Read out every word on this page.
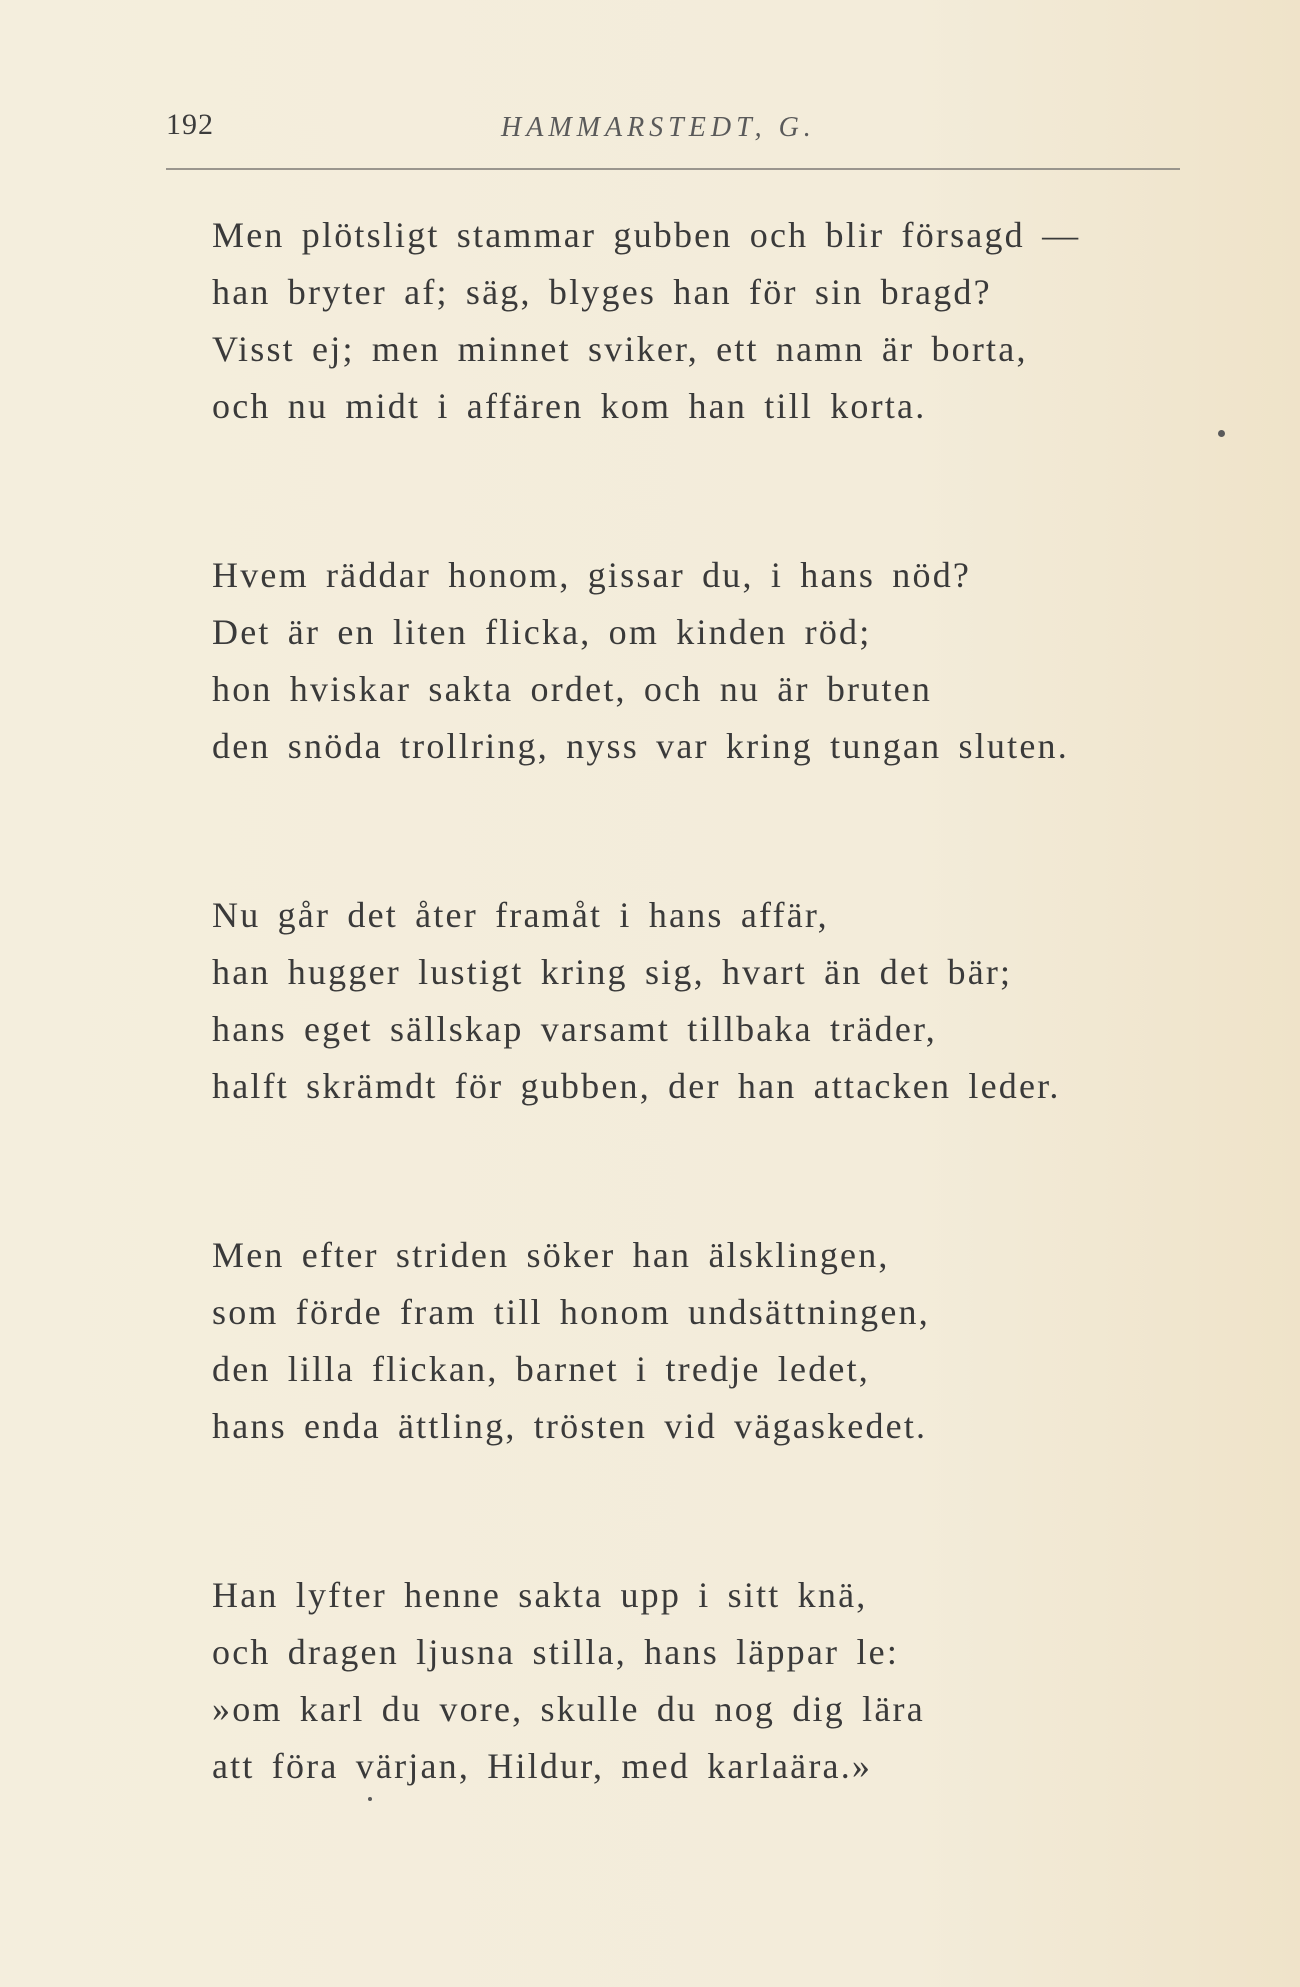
192	HAMMARSTEDT, G.
Men plötsligt stammar gubben och blir försagd —
han bryter af; säg, blyges han för sin bragd?
Visst ej; men minnet sviker, ett namn är borta,
och nu midt i affären kom han till korta.
Hvem räddar honom, gissar du, i hans nöd?
Det är en liten flicka, om kinden röd;
hon hviskar sakta ordet, och nu är bruten
den snöda trollring, nyss var kring tungan sluten.
Nu går det åter framåt i hans affär,
han hugger lustigt kring sig, hvart än det bär;
hans eget sällskap varsamt tillbaka träder,
halft skrämdt för gubben, der han attacken leder.
Men efter striden söker han älsklingen,
som förde fram till honom undsättningen,
den lilla flickan, barnet i tredje ledet,
hans enda ättling, trösten vid vägaskedet.
Han lyfter henne sakta upp i sitt knä,
och dragen ljusna stilla, hans läppar le:
»om karl du vore, skulle du nog dig lära
att föra värjan, Hildur, med karlaära.»
